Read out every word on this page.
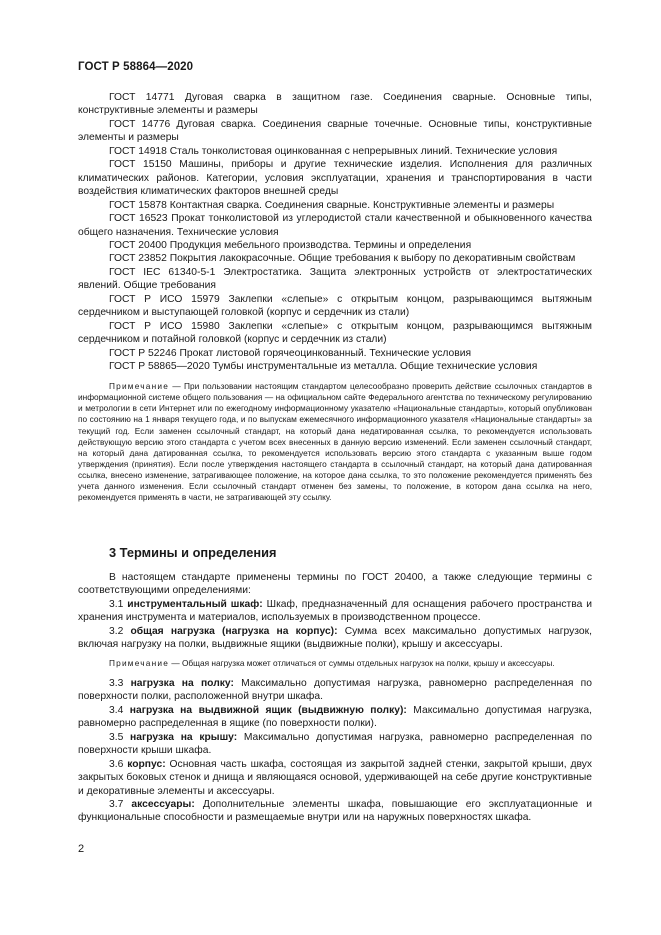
ГОСТ Р 58864—2020

ГОСТ 14771 Дуговая сварка в защитном газе. Соединения сварные. Основные типы, конструктивные элементы и размеры

ГОСТ 14776 Дуговая сварка. Соединения сварные точечные. Основные типы, конструктивные элементы и размеры

ГОСТ 14918 Сталь тонколистовая оцинкованная с непрерывных линий. Технические условия

ГОСТ 15150 Машины, приборы и другие технические изделия. Исполнения для различных климатических районов. Категории, условия эксплуатации, хранения и транспортирования в части воздействия климатических факторов внешней среды

ГОСТ 15878 Контактная сварка. Соединения сварные. Конструктивные элементы и размеры

ГОСТ 16523 Прокат тонколистовой из углеродистой стали качественной и обыкновенного качества общего назначения. Технические условия

ГОСТ 20400 Продукция мебельного производства. Термины и определения

ГОСТ 23852 Покрытия лакокрасочные. Общие требования к выбору по декоративным свойствам

ГОСТ IEC 61340-5-1 Электростатика. Защита электронных устройств от электростатических явлений. Общие требования

ГОСТ Р ИСО 15979 Заклепки «слепые» с открытым концом, разрывающимся вытяжным сердечником и выступающей головкой (корпус и сердечник из стали)

ГОСТ Р ИСО 15980 Заклепки «слепые» с открытым концом, разрывающимся вытяжным сердечником и потайной головкой (корпус и сердечник из стали)

ГОСТ Р 52246 Прокат листовой горячеоцинкованный. Технические условия

ГОСТ Р 58865—2020 Тумбы инструментальные из металла. Общие технические условия

Примечание — При пользовании настоящим стандартом целесообразно проверить действие ссылочных стандартов в информационной системе общего пользования — на официальном сайте Федерального агентства по техническому регулированию и метрологии в сети Интернет или по ежегодному информационному указателю «Национальные стандарты», который опубликован по состоянию на 1 января текущего года, и по выпускам ежемесячного информационного указателя «Национальные стандарты» за текущий год. Если заменен ссылочный стандарт, на который дана недатированная ссылка, то рекомендуется использовать действующую версию этого стандарта с учетом всех внесенных в данную версию изменений. Если заменен ссылочный стандарт, на который дана датированная ссылка, то рекомендуется использовать версию этого стандарта с указанным выше годом утверждения (принятия). Если после утверждения настоящего стандарта в ссылочный стандарт, на который дана датированная ссылка, внесено изменение, затрагивающее положение, на которое дана ссылка, то это положение рекомендуется применять без учета данного изменения. Если ссылочный стандарт отменен без замены, то положение, в котором дана ссылка на него, рекомендуется применять в части, не затрагивающей эту ссылку.

3 Термины и определения

В настоящем стандарте применены термины по ГОСТ 20400, а также следующие термины с соответствующими определениями:

3.1 инструментальный шкаф: Шкаф, предназначенный для оснащения рабочего пространства и хранения инструмента и материалов, используемых в производственном процессе.

3.2 общая нагрузка (нагрузка на корпус): Сумма всех максимально допустимых нагрузок, включая нагрузку на полки, выдвижные ящики (выдвижные полки), крышу и аксессуары.

Примечание — Общая нагрузка может отличаться от суммы отдельных нагрузок на полки, крышу и аксессуары.

3.3 нагрузка на полку: Максимально допустимая нагрузка, равномерно распределенная по поверхности полки, расположенной внутри шкафа.

3.4 нагрузка на выдвижной ящик (выдвижную полку): Максимально допустимая нагрузка, равномерно распределенная в ящике (по поверхности полки).

3.5 нагрузка на крышу: Максимально допустимая нагрузка, равномерно распределенная по поверхности крыши шкафа.

3.6 корпус: Основная часть шкафа, состоящая из закрытой задней стенки, закрытой крыши, двух закрытых боковых стенок и днища и являющаяся основой, удерживающей на себе другие конструктивные и декоративные элементы и аксессуары.

3.7 аксессуары: Дополнительные элементы шкафа, повышающие его эксплуатационные и функциональные способности и размещаемые внутри или на наружных поверхностях шкафа.

2
